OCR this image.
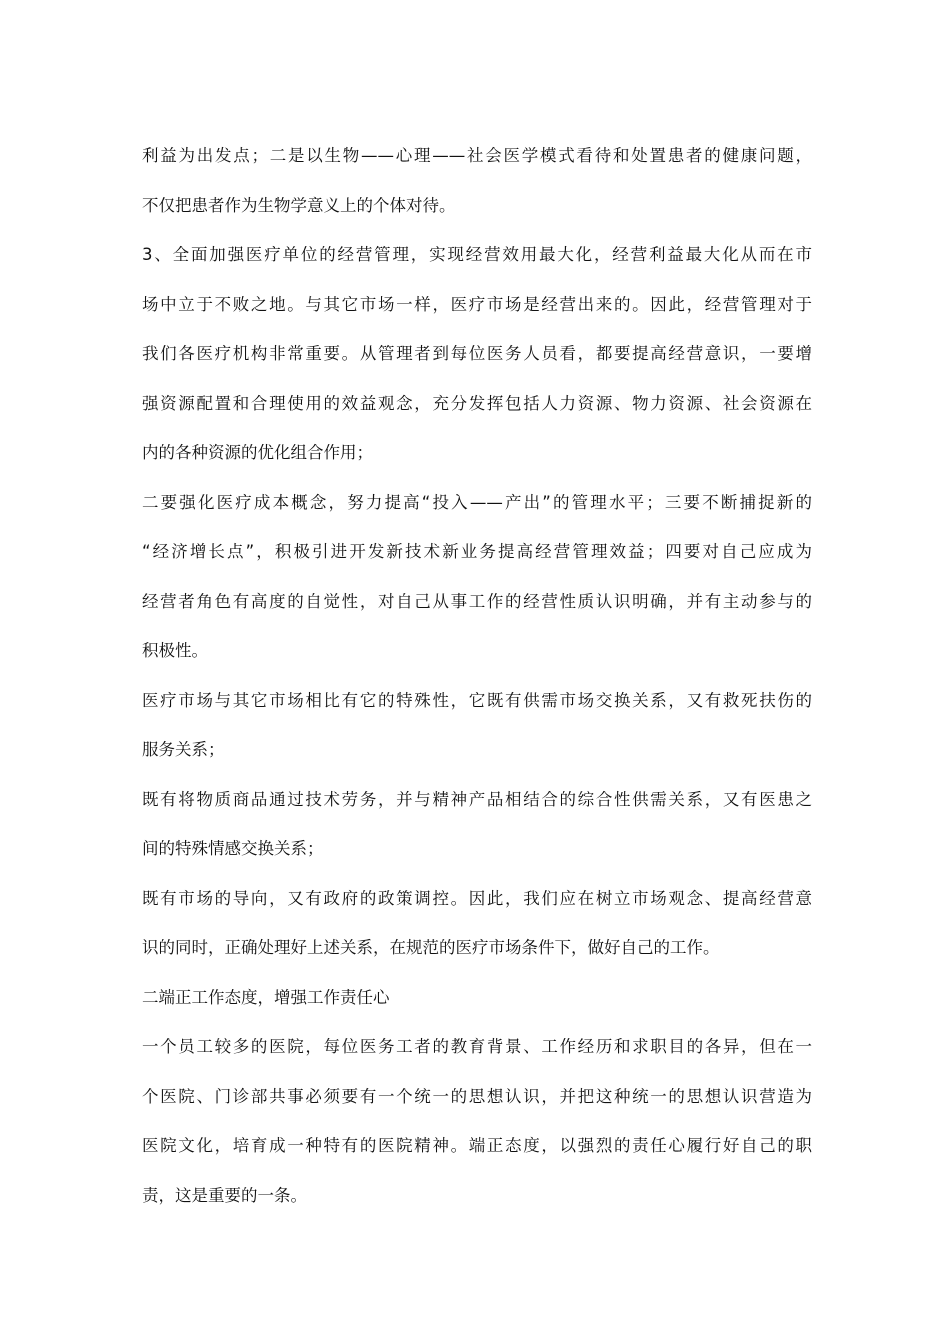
利益为出发点；二是以生物——心理——社会医学模式看待和处置患者的健康问题，
不仅把患者作为生物学意义上的个体对待。
3、全面加强医疗单位的经营管理，实现经营效用最大化，经营利益最大化从而在市
场中立于不败之地。与其它市场一样，医疗市场是经营出来的。因此，经营管理对于
我们各医疗机构非常重要。从管理者到每位医务人员看，都要提高经营意识，一要增
强资源配置和合理使用的效益观念，充分发挥包括人力资源、物力资源、社会资源在
内的各种资源的优化组合作用；
二要强化医疗成本概念，努力提高“投入——产出”的管理水平；三要不断捕捉新的
“经济增长点”，积极引进开发新技术新业务提高经营管理效益；四要对自己应成为
经营者角色有高度的自觉性，对自己从事工作的经营性质认识明确，并有主动参与的
积极性。
医疗市场与其它市场相比有它的特殊性，它既有供需市场交换关系，又有救死扶伤的
服务关系；
既有将物质商品通过技术劳务，并与精神产品相结合的综合性供需关系，又有医患之
间的特殊情感交换关系；
既有市场的导向，又有政府的政策调控。因此，我们应在树立市场观念、提高经营意
识的同时，正确处理好上述关系，在规范的医疗市场条件下，做好自己的工作。
二端正工作态度，增强工作责任心
一个员工较多的医院，每位医务工者的教育背景、工作经历和求职目的各异，但在一
个医院、门诊部共事必须要有一个统一的思想认识，并把这种统一的思想认识营造为
医院文化，培育成一种特有的医院精神。端正态度，以强烈的责任心履行好自己的职
责，这是重要的一条。
